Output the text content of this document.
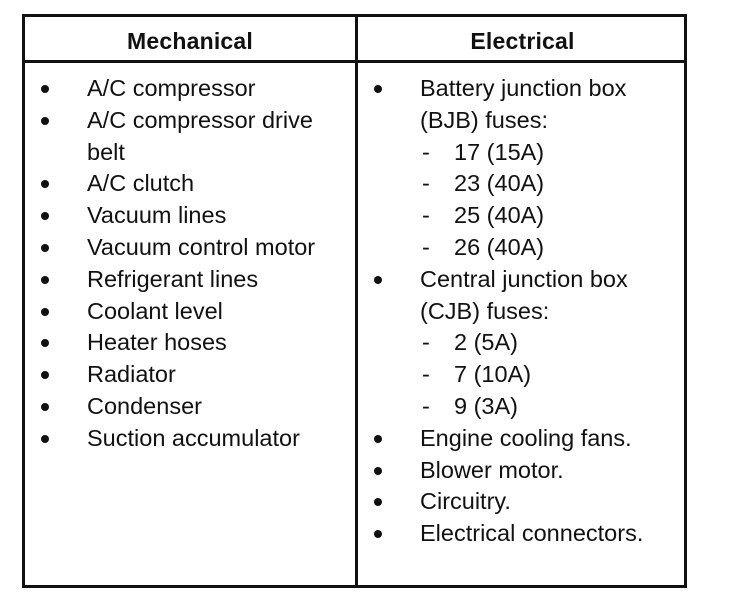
Mechanical	Electrical
A/C compressor
A/C compressor drive belt
A/C clutch
Vacuum lines
Vacuum control motor
Refrigerant lines
Coolant level
Heater hoses
Radiator
Condenser
Suction accumulator
Battery junction box (BJB) fuses:
- 17 (15A)
- 23 (40A)
- 25 (40A)
- 26 (40A)
Central junction box (CJB) fuses:
- 2 (5A)
- 7 (10A)
- 9 (3A)
Engine cooling fans.
Blower motor.
Circuitry.
Electrical connectors.
